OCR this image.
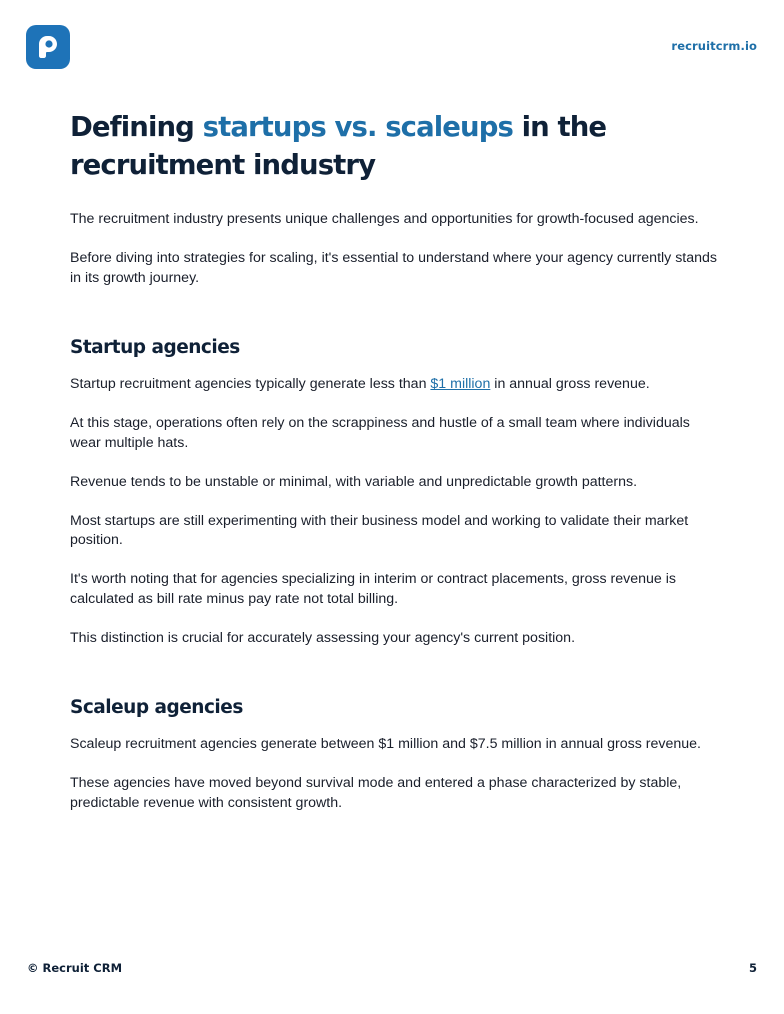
recruitcrm.io
Defining startups vs. scaleups in the recruitment industry

The recruitment industry presents unique challenges and opportunities for growth-focused agencies.

Before diving into strategies for scaling, it's essential to understand where your agency currently stands in its growth journey.

Startup agencies

Startup recruitment agencies typically generate less than $1 million in annual gross revenue.

At this stage, operations often rely on the scrappiness and hustle of a small team where individuals wear multiple hats.

Revenue tends to be unstable or minimal, with variable and unpredictable growth patterns.

Most startups are still experimenting with their business model and working to validate their market position.

It's worth noting that for agencies specializing in interim or contract placements, gross revenue is calculated as bill rate minus pay rate not total billing.

This distinction is crucial for accurately assessing your agency's current position.

Scaleup agencies

Scaleup recruitment agencies generate between $1 million and $7.5 million in annual gross revenue.

These agencies have moved beyond survival mode and entered a phase characterized by stable, predictable revenue with consistent growth.

© Recruit CRM	5
